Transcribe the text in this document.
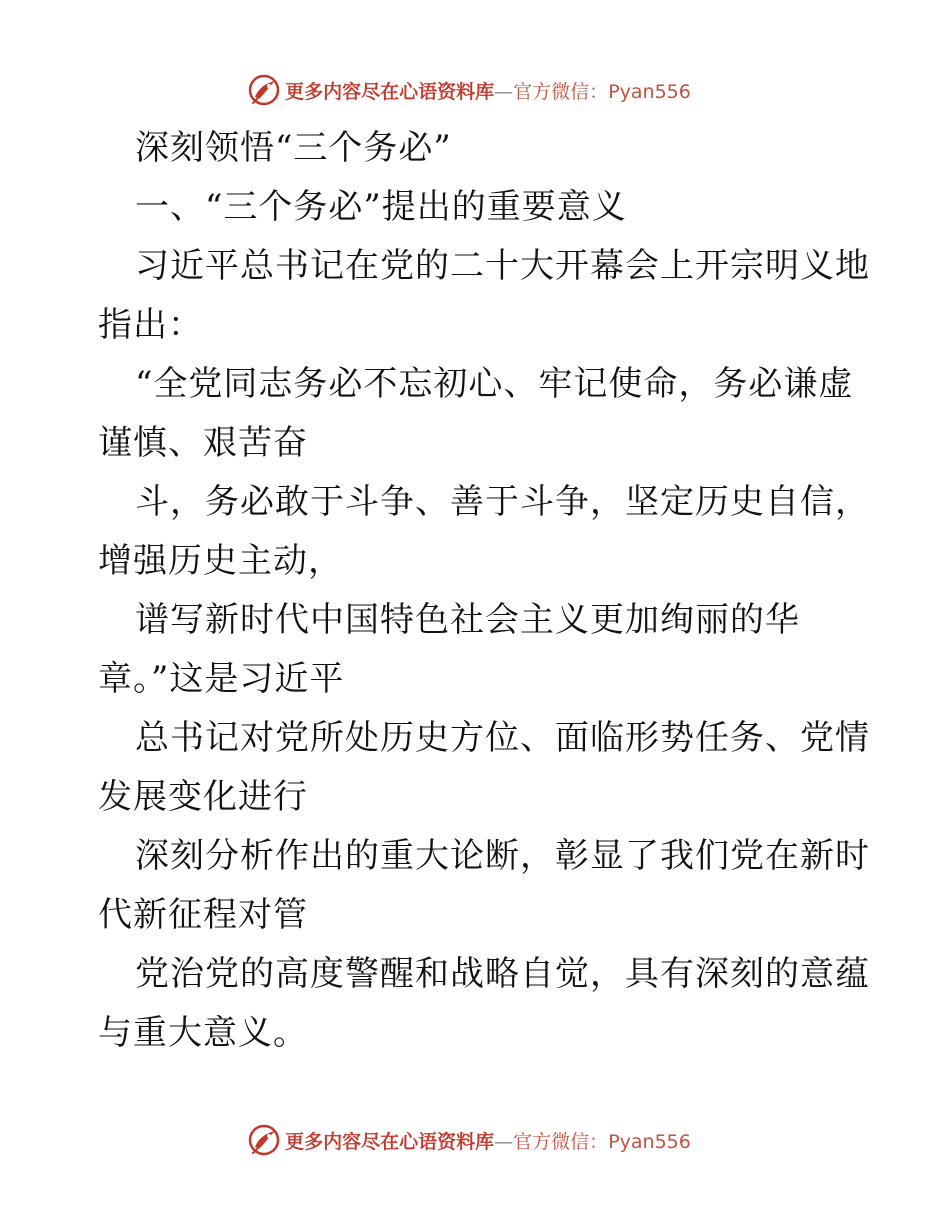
更多内容尽在心语资料库—官方微信：Pyan556
深刻领悟“三个务必”
一、“三个务必”提出的重要意义
习近平总书记在党的二十大开幕会上开宗明义地
指出：
“全党同志务必不忘初心、牢记使命，务必谦虚
谨慎、艰苦奋
斗，务必敢于斗争、善于斗争，坚定历史自信，
增强历史主动，
谱写新时代中国特色社会主义更加绚丽的华
章。”这是习近平
总书记对党所处历史方位、面临形势任务、党情
发展变化进行
深刻分析作出的重大论断，彰显了我们党在新时
代新征程对管
党治党的高度警醒和战略自觉，具有深刻的意蕴
与重大意义。
更多内容尽在心语资料库—官方微信：Pyan556
